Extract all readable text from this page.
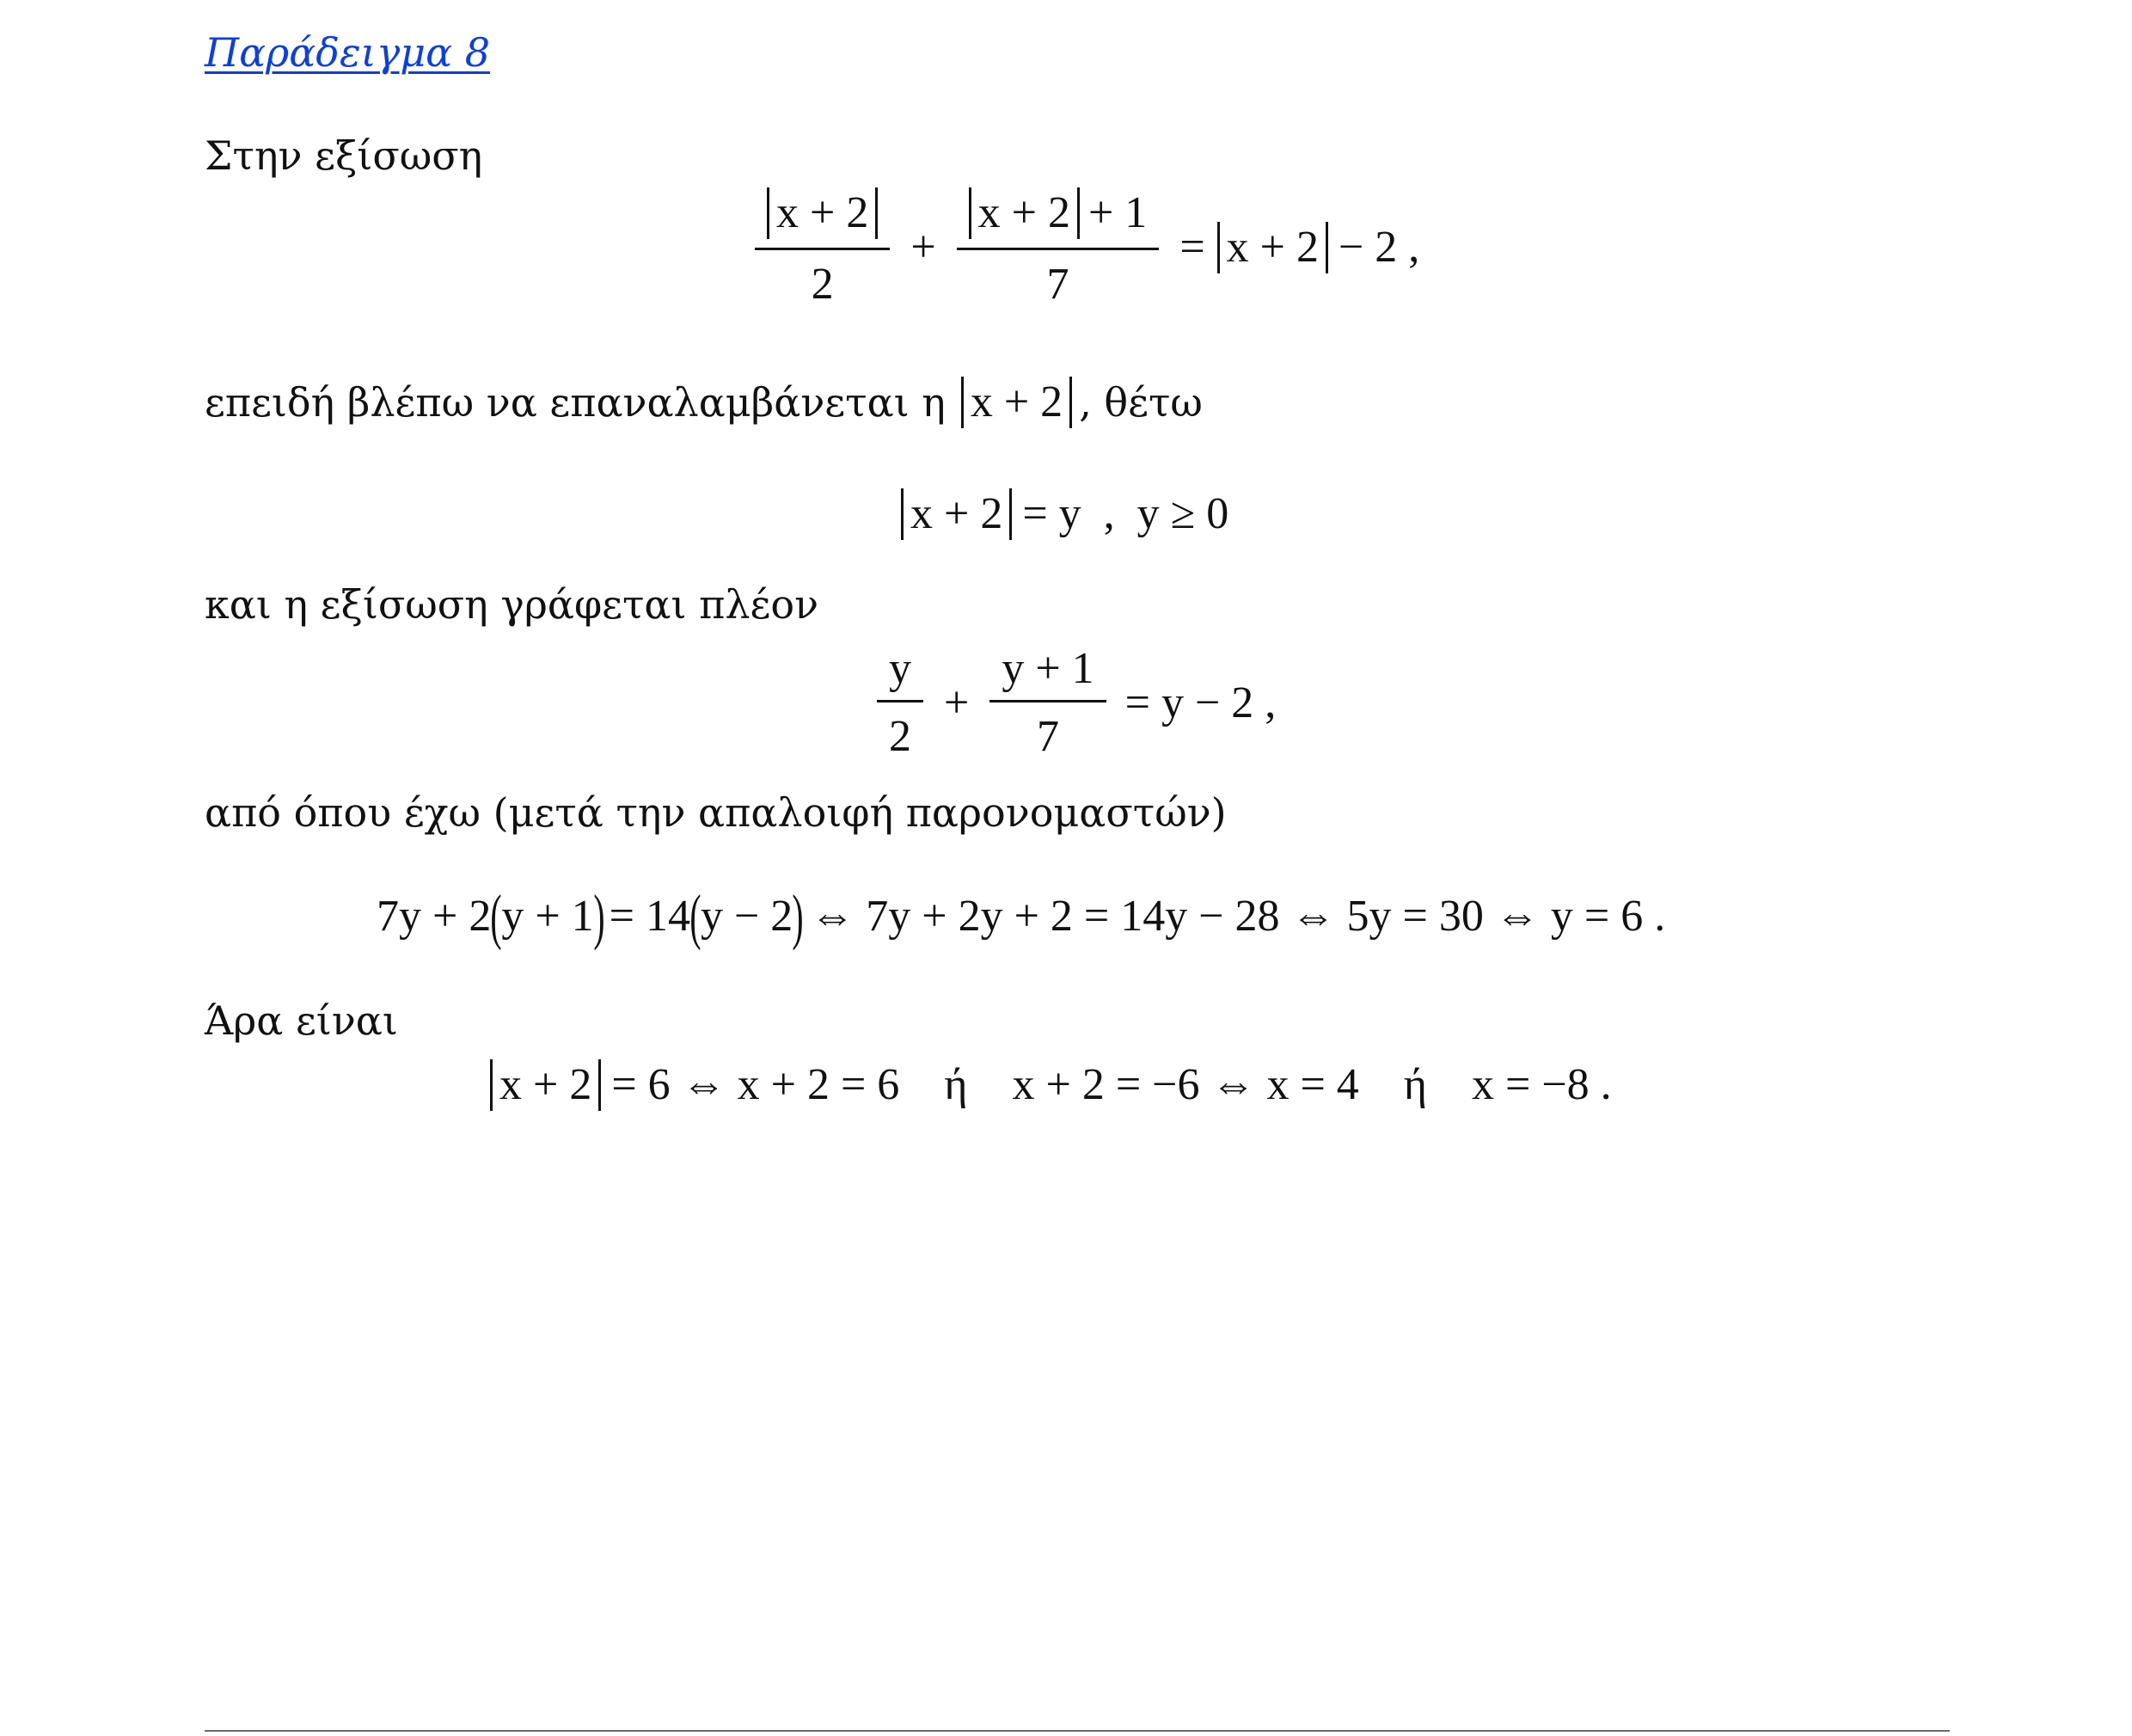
Παράδειγμα 8
Στην εξίσωση
$\frac{x + 2}{2} + \frac{x + 2 + 1}{7} = x + 2 - 2$ ,
επειδή βλέπω να επαναλαμβάνεται η x + 2 , θέτω
x + 2 = y  ,  y ≥ 0
και η εξίσωση γράφεται πλέον
$\frac{y}{2} + \frac{y + 1}{7} = y - 2$ ,
από όπου έχω (μετά την απαλοιφή παρονομαστών)
7y + 2 ( y + 1 ) = 14 ( y − 2 ) ⇔ 7y + 2y + 2 = 14y − 28 ⇔ 5y = 30 ⇔ y = 6 .
Άρα είναι
x + 2 = 6 ⇔ x + 2 = 6    ή    x + 2 = −6 ⇔ x = 4    ή    x = −8 .
